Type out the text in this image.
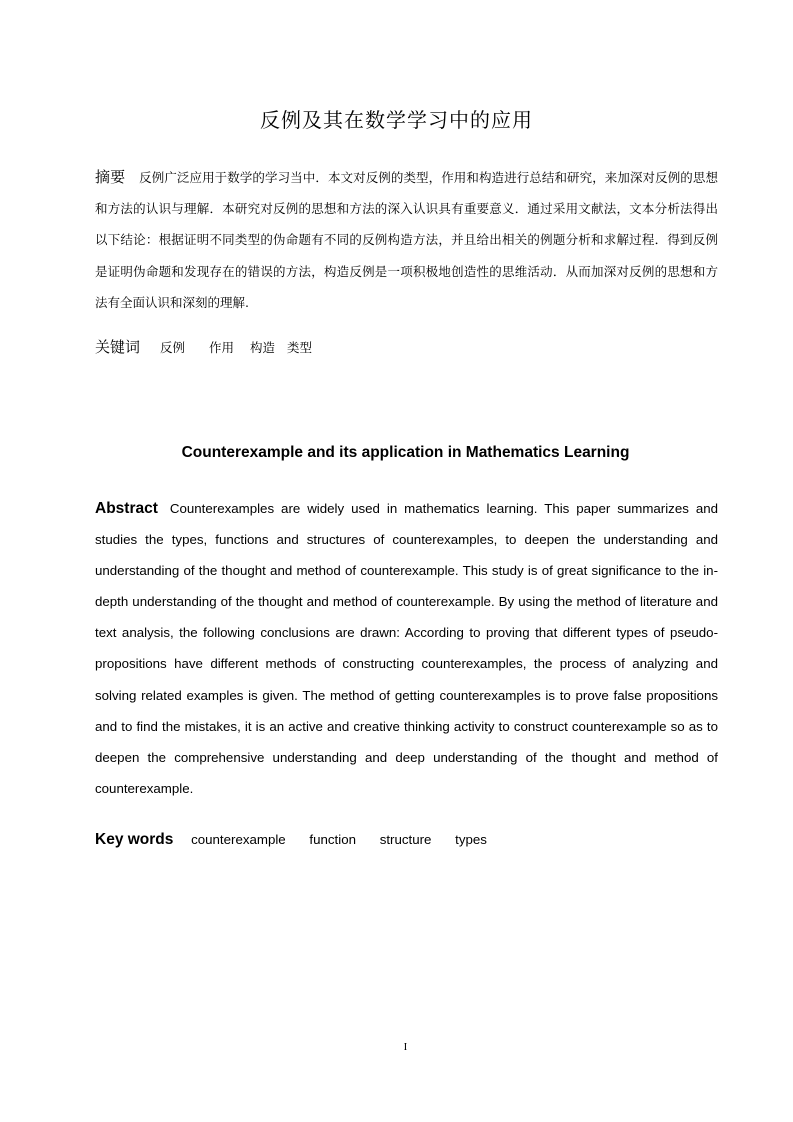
反例及其在数学学习中的应用
摘要 反例广泛应用于数学的学习当中．本文对反例的类型，作用和构造进行总结和研究，来加深对反例的思想和方法的认识与理解．本研究对反例的思想和方法的深入认识具有重要意义．通过采用文献法，文本分析法得出以下结论：根据证明不同类型的伪命题有不同的反例构造方法，并且给出相关的例题分析和求解过程．得到反例是证明伪命题和发现存在的错误的方法，构造反例是一项积极地创造性的思维活动．从而加深对反例的思想和方法有全面认识和深刻的理解.
关键词 反例 作用 构造 类型
Counterexample and its application in Mathematics Learning
Abstract Counterexamples are widely used in mathematics learning. This paper summarizes and studies the types, functions and structures of counterexamples, to deepen the understanding and understanding of the thought and method of counterexample. This study is of great significance to the in-depth understanding of the thought and method of counterexample. By using the method of literature and text analysis, the following conclusions are drawn: According to proving that different types of pseudo-propositions have different methods of constructing counterexamples, the process of analyzing and solving related examples is given. The method of getting counterexamples is to prove false propositions and to find the mistakes, it is an active and creative thinking activity to construct counterexample so as to deepen the comprehensive understanding and deep understanding of the thought and method of counterexample.
Key words counterexample function structure types
I
